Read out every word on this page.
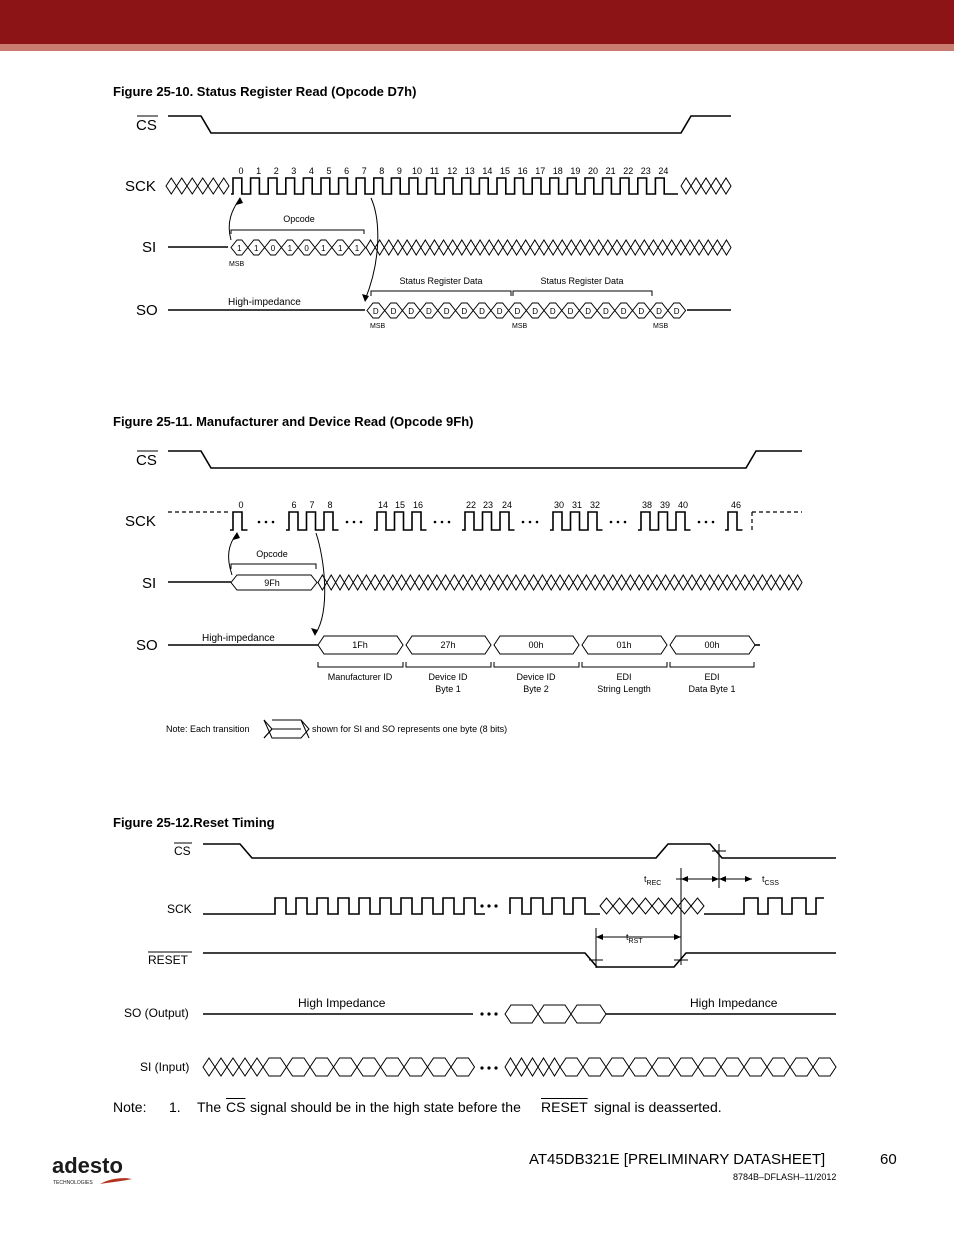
Figure 25-10. Status Register Read (Opcode D7h)
0 1 2 3 4 5 6 7 8 9 10 11 12 13 14 15 16 17 18 19 20 21 22 23 24
1 1 0 1 0 1 1 1
D D D D D D D D D D D D D D D D D D
CS
SCK
SI
SO
Opcode
MSB
High-impedance
Status Register Data	Status Register Data
MSB	MSB	MSB
Figure 25-11. Manufacturer and Device Read (Opcode 9Fh)
0	6 7 8	14 15 16	22 23 24	30 31 32	38 39 40	46
CS
SCK
SI
SO
Opcode
9Fh
High-impedance
1Fh	27h	00h	01h	00h
Manufacturer ID	Device ID
Byte 1
Device ID
Byte 2
EDI
String Length
EDI
Data Byte 1
Note: Each transition	shown for SI and SO represents one byte (8 bits)
Figure 25-12.Reset Timing
CS
SCK
RESET
SO (Output)
SI (Input)
$t_{REC}$	$t_{CSS}$
$t_{RST}$
High Impedance	High Impedance
Note: 1. The $\overline{CS}$ signal should be in the high state before the RESET signal is deasserted.
adesto
TECHNOLOGIES
AT45DB321E [PRELIMINARY DATASHEET]	60
8784B–DFLASH–11/2012
